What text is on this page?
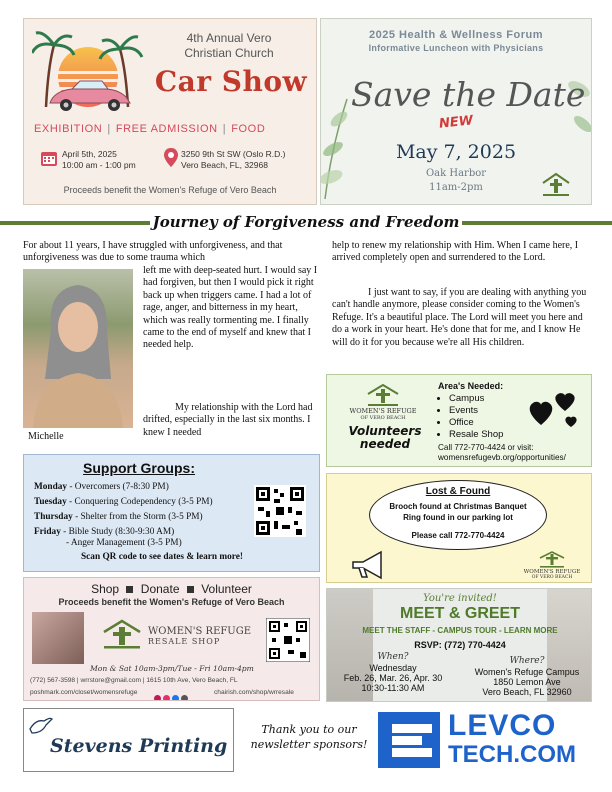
4th Annual Vero
Christian Church
Car Show
EXHIBITION | FREE ADMISSION | FOOD
April 5th, 2025
10:00 am - 1:00 pm
3250 9th St SW (Oslo R.D.)
Vero Beach, FL, 32968
Proceeds benefit the Women's Refuge of Vero Beach
2025 Health & Wellness Forum
Informative Luncheon with Physicians
Save the Date
NEW
May 7, 2025
Oak Harbor
11am-2pm
Journey of Forgiveness and Freedom
For about 11 years, I have struggled with unforgiveness, and that unforgiveness was due to some trauma which
Michelle
left me with deep-seated hurt. I would say I had forgiven, but then I would pick it right back up when triggers came. I had a lot of rage, anger, and bitterness in my heart, which was really tormenting me. I finally came to the end of myself and knew that I needed help.
My relationship with the Lord had drifted, especially in the last six months. I knew I needed
help to renew my relationship with Him. When I came here, I arrived completely open and surrendered to the Lord.
I just want to say, if you are dealing with anything you can't handle anymore, please consider coming to the Women's Refuge. It's a beautiful place. The Lord will meet you here and do a work in your heart. He's done that for me, and I know He will do it for you because we're all His children.
Support Groups:
Monday - Overcomers (7-8:30 PM)
Tuesday - Conquering Codependency (3-5 PM)
Thursday - Shelter from the Storm (3-5 PM)
Friday - Bible Study (8:30-9:30 AM)
- Anger Management (3-5 PM)
Scan QR code to see dates & learn more!
Shop Donate Volunteer
Proceeds benefit the Women's Refuge of Vero Beach
WOMEN'S REFUGE
RESALE SHOP
Mon & Sat 10am-3pm/Tue - Fri 10am-4pm
(772) 567-3598 | wrrstore@gmail.com | 1615 10th Ave, Vero Beach, FL
poshmark.com/closet/womensrefuge	chairish.com/shop/wrresale
WOMEN'S REFUGE
OF VERO BEACH
Volunteers
needed
Area's Needed:
• Campus
• Events
• Office
• Resale Shop
Call 772-770-4424 or visit:
womensrefugevb.org/opportunities/
Lost & Found
Brooch found at Christmas Banquet
Ring found in our parking lot
Please call 772-770-4424
WOMEN'S REFUGE
OF VERO BEACH
You're invited!
MEET & GREET
MEET THE STAFF - CAMPUS TOUR - LEARN MORE
RSVP: (772) 770-4424
When?
Wednesday
Feb. 26, Mar. 26, Apr. 30
10:30-11:30 AM
Where?
Women's Refuge Campus
1850 Lemon Ave
Vero Beach, FL 32960
Stevens Printing
Thank you to our
newsletter sponsors!
LEVCO
TECH.COM
